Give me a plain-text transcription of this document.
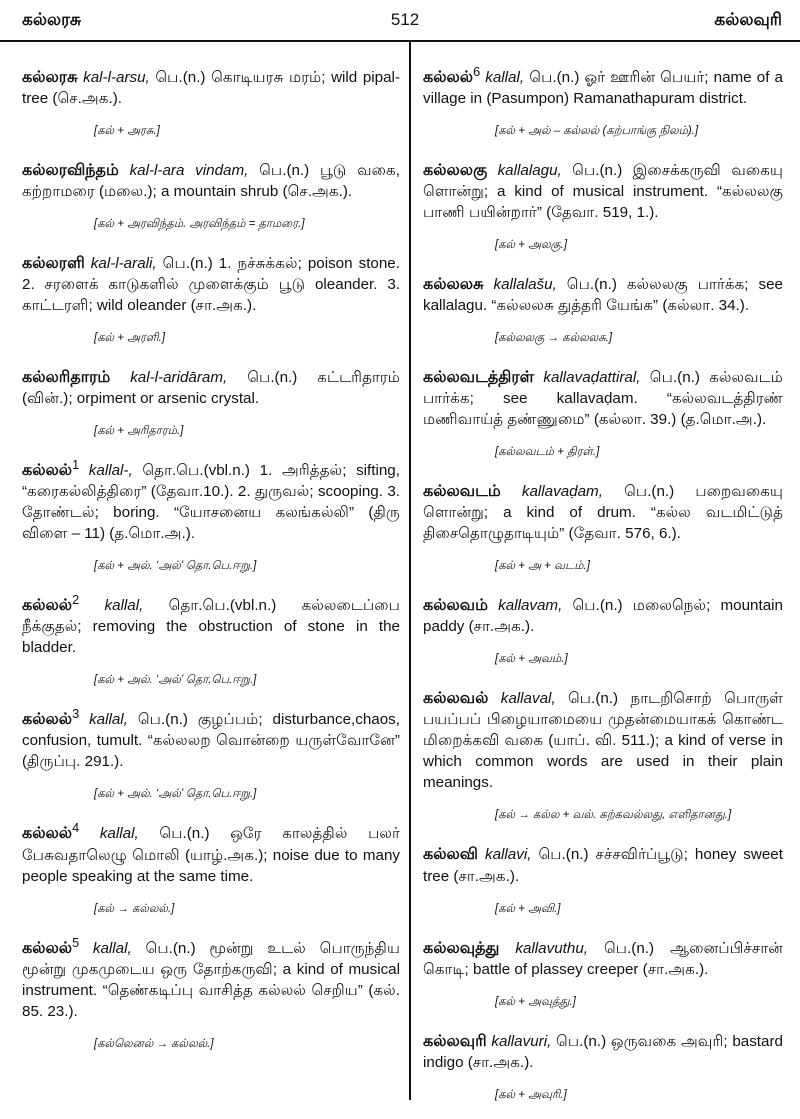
கல்லரசு	512	கல்லவுரி
கல்லரசு kal-l-arsu, பெ.(n.) கொடியரசு மரம்; wild pipal-tree (செ.அக.).
[கல் + அரசு.]
கல்லரவிந்தம் kal-l-ara vindam, பெ.(n.) பூடு வகை, கற்றாமரை (மலை.); a mountain shrub (செ.அக.).
[கல் + அரவிந்தம். அரவிந்தம் = தாமரை.]
கல்லரளி kal-l-arali, பெ.(n.) 1. நச்சுக்கல்; poison stone. 2. சரளைக் காடுகளில் முளைக்கும் பூடு oleander. 3. காட்டரளி; wild oleander (சா.அக.).
[கல் + அரளி.]
கல்லரிதாரம் kal-l-aridāram, பெ.(n.) கட்டரிதாரம் (வின்.); orpiment or arsenic crystal.
[கல் + அரிதாரம்.]
கல்லல்$^1$ kallal-, தொ.பெ.(vbl.n.) 1. அரித்தல்; sifting, “கரைகல்லித்திரை” (தேவா.10.). 2. துருவல்; scooping. 3. தோண்டல்; boring. “யோசனைய கலங்கல்லி” (திரு விளை – 11) (த.மொ.அ.).
[கல் + அல். ‘அல்’ தொ.பெ.ஈறு.]
கல்லல்$^2$ kallal, தொ.பெ.(vbl.n.) கல்லடைப்பை நீக்குதல்; removing the obstruction of stone in the bladder.
[கல் + அல். ‘அல்’ தொ.பெ.ஈறு.]
கல்லல்$^3$ kallal, பெ.(n.) குழப்பம்; disturbance,chaos, confusion, tumult. “கல்லலற வொன்றை யருள்வோனே” (திருப்பு. 291.).
[கல் + அல். ‘அல்’ தொ.பெ.ஈறு.]
கல்லல்$^4$ kallal, பெ.(n.) ஒரே காலத்தில் பலர் பேசுவதாலெழு மொலி (யாழ்.அக.); noise due to many people speaking at the same time.
[கல் → கல்லல்.]
கல்லல்$^5$ kallal, பெ.(n.) மூன்று உடல் பொருந்திய மூன்று முகமுடைய ஒரு தோற்கருவி; a kind of musical instrument. “தெண்கடிப்பு வாசித்த கல்லல் செறிய” (கல். 85. 23.).
[கல்லெனல் → கல்லல்.]
கல்லல்$^6$ kallal, பெ.(n.) ஓர் ஊரின் பெயர்; name of a village in (Pasumpon) Ramanathapuram district.
[கல் + அல் – கல்லல் (கற்பாங்கு நிலம்).]
கல்லலகு kallalagu, பெ.(n.) இசைக்கருவி வகையு ளொன்று; a kind of musical instrument. “கல்லலகு பாணி பயின்றார்” (தேவா. 519, 1.).
[கல் + அலகு.]
கல்லலசு kallalašu, பெ.(n.) கல்லலகு பார்க்க; see kallalagu. “கல்லலசு துத்தரி யேங்க” (கல்லா. 34.).
[கல்லலகு → கல்லலசு.]
கல்லவடத்திரள் kallavaḍattiral, பெ.(n.) கல்லவடம் பார்க்க; see kallavaḍam. “கல்லவடத்திரண் மணிவாய்த் தண்ணுமை” (கல்லா. 39.) (த.மொ.அ.).
[கல்லவடம் + திரள்.]
கல்லவடம் kallavaḍam, பெ.(n.) பறைவகையு ளொன்று; a kind of drum. “கல்ல வடமிட்டுத் திசைதொழுதாடியும்” (தேவா. 576, 6.).
[கல் + அ + வடம்.]
கல்லவம் kallavam, பெ.(n.) மலைநெல்; mountain paddy (சா.அக.).
[கல் + அவம்.]
கல்லவல் kallaval, பெ.(n.) நாடறிசொற் பொருள் பயப்பப் பிழையாமையை முதன்மையாகக் கொண்ட மிறைக்கவி வகை (யாப். வி. 511.); a kind of verse in which common words are used in their plain meanings.
[கல் → கல்ல + வல். கற்கவல்லது, எளிதானது.]
கல்லவி kallavi, பெ.(n.) சச்சவிர்ப்பூடு; honey sweet tree (சா.அக.).
[கல் + அவி.]
கல்லவுத்து kallavuthu, பெ.(n.) ஆனைப்பிச்சான் கொடி; battle of plassey creeper (சா.அக.).
[கல் + அவுத்து.]
கல்லவுரி kallavuri, பெ.(n.) ஒருவகை அவுரி; bastard indigo (சா.அக.).
[கல் + அவுரி.]
